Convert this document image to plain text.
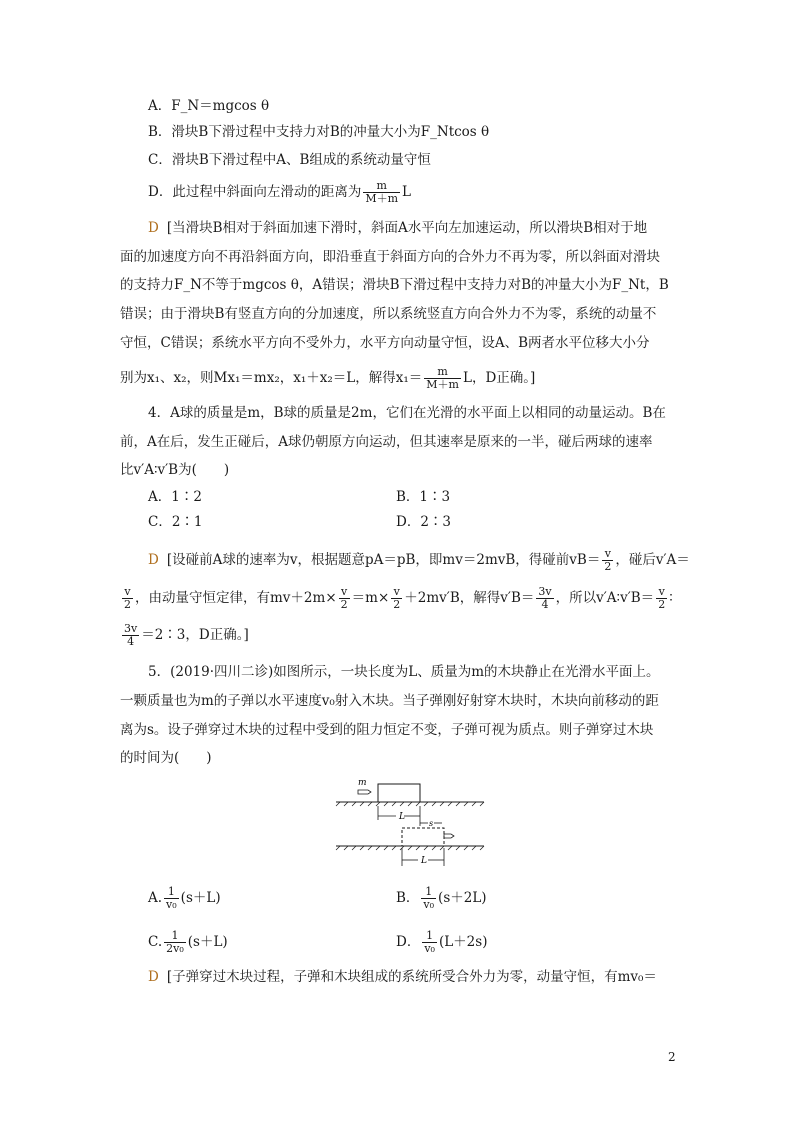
A．F_N＝mgcos θ
B．滑块B下滑过程中支持力对B的冲量大小为F_Ntcos θ
C．滑块B下滑过程中A、B组成的系统动量守恒
D．此过程中斜面向左滑动的距离为 $\frac{m}{M+m}$ L
D [当滑块B相对于斜面加速下滑时，斜面A水平向左加速运动，所以滑块B相对于地
面的加速度方向不再沿斜面方向，即沿垂直于斜面方向的合外力不再为零，所以斜面对滑块
的支持力F_N不等于mgcos θ，A错误；滑块B下滑过程中支持力对B的冲量大小为F_Nt，B
错误；由于滑块B有竖直方向的分加速度，所以系统竖直方向合外力不为零，系统的动量不
守恒，C错误；系统水平方向不受外力，水平方向动量守恒，设A、B两者水平位移大小分
别为x₁、x₂，则Mx₁＝mx₂，x₁＋x₂＝L，解得$x_1= \frac{m}{M+m}$ L，D正确。]
4．A球的质量是m，B球的质量是2m，它们在光滑的水平面上以相同的动量运动。B在
前，A在后，发生正碰后，A球仍朝原方向运动，但其速率是原来的一半，碰后两球的速率
比v′A∶v′B为(　　)
A．1∶2	B．1∶3
C．2∶1	D．2∶3
D [设碰前A球的速率为v，根据题意pA＝pB，即mv＝2mvB，得碰前$vB= \frac{v}{2}$ ，碰后v′A＝
$\frac{v}{2}$ ，由动量守恒定律，有$mv+2m\times \frac{v}{2} =m\times \frac{v}{2} +2mv'B$，解得$v'B= \frac{3v}{4}$ ，所以v′A∶v′B＝ $\frac{v}{2}$ ∶
$\frac{3v}{4}$ ＝2∶3，D正确。]
5．(2019·四川二诊)如图所示，一块长度为L、质量为m的木块静止在光滑水平面上。
一颗质量也为m的子弹以水平速度v₀射入木块。当子弹刚好射穿木块时，木块向前移动的距
离为s。设子弹穿过木块的过程中受到的阻力恒定不变，子弹可视为质点。则子弹穿过木块
的时间为(　　)
m
L
s
L
A. $\frac{1}{\text{v₀}} (s+L)$	B． $\frac{1}{\text{v₀}} (s+2L)$
C. $\frac{1}{\text{2v₀}} (s+L)$	D． $\frac{1}{\text{v₀}} (L+2s)$
D [子弹穿过木块过程，子弹和木块组成的系统所受合外力为零，动量守恒，有mv₀＝
2
